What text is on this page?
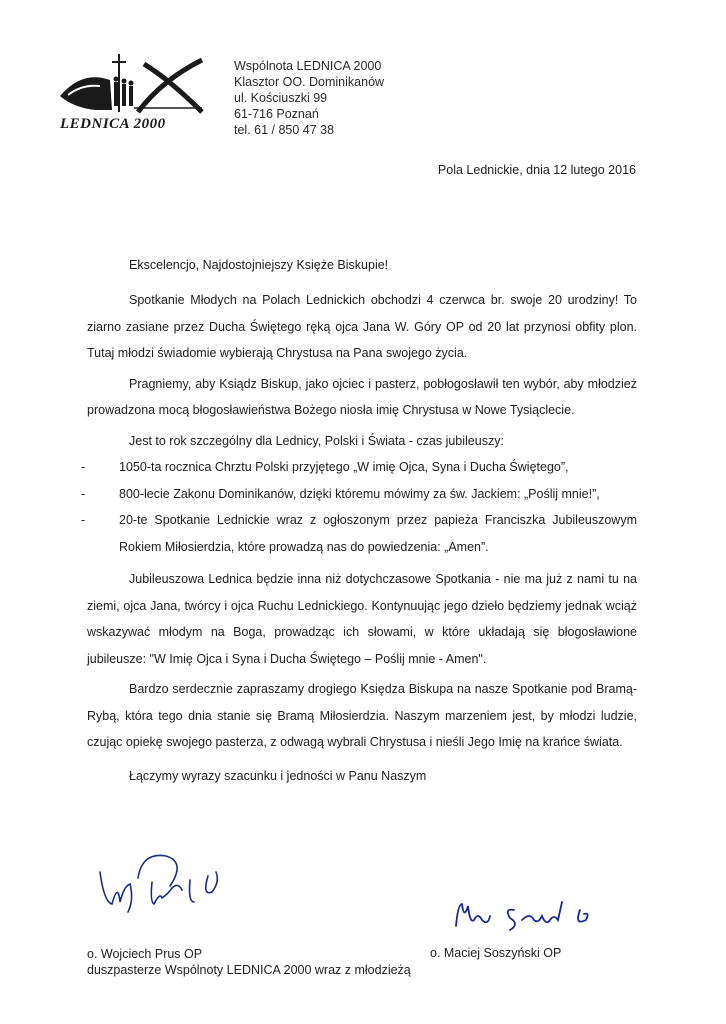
LEDNICA 2000
Wspólnota LEDNICA 2000
Klasztor OO. Dominikanów
ul. Kościuszki 99
61-716 Poznań
tel. 61 / 850 47 38
Pola Lednickie, dnia 12 lutego 2016

Ekscelencjo, Najdostojniejszy Księże Biskupie!

Spotkanie Młodych na Polach Lednickich obchodzi 4 czerwca br. swoje 20 urodziny! To ziarno zasiane przez Ducha Świętego ręką ojca Jana W. Góry OP od 20 lat przynosi obfity plon. Tutaj młodzi świadomie wybierają Chrystusa na Pana swojego życia.

Pragniemy, aby Ksiądz Biskup, jako ojciec i pasterz, pobłogosławił ten wybór, aby młodzież prowadzona mocą błogosławieństwa Bożego niosła imię Chrystusa w Nowe Tysiąclecie.

Jest to rok szczególny dla Lednicy, Polski i Świata - czas jubileuszy:

-	1050-ta rocznica Chrztu Polski przyjętego „W imię Ojca, Syna i Ducha Świętego”,
-	800-lecie Zakonu Dominikanów, dzięki któremu mówimy za św. Jackiem: „Poślij mnie!”,
-	20-te Spotkanie Lednickie wraz z ogłoszonym przez papieża Franciszka Jubileuszowym Rokiem Miłosierdzia, które prowadzą nas do powiedzenia: „Amen”.

Jubileuszowa Lednica będzie inna niż dotychczasowe Spotkania - nie ma już z nami tu na ziemi, ojca Jana, twórcy i ojca Ruchu Lednickiego. Kontynuując jego dzieło będziemy jednak wciąż wskazywać młodym na Boga, prowadząc ich słowami, w które układają się błogosławione jubileusze: "W Imię Ojca i Syna i Ducha Świętego – Poślij mnie - Amen".

Bardzo serdecznie zapraszamy drogiego Księdza Biskupa na nasze Spotkanie pod Bramą-Rybą, która tego dnia stanie się Bramą Miłosierdzia. Naszym marzeniem jest, by młodzi ludzie, czując opiekę swojego pasterza, z odwagą wybrali Chrystusa i nieśli Jego Imię na krańce świata.

Łączymy wyrazy szacunku i jedności w Panu Naszym

o. Wojciech Prus OP
duszpasterze Wspólnoty LEDNICA 2000 wraz z młodzieżą
o. Maciej Soszyński OP
